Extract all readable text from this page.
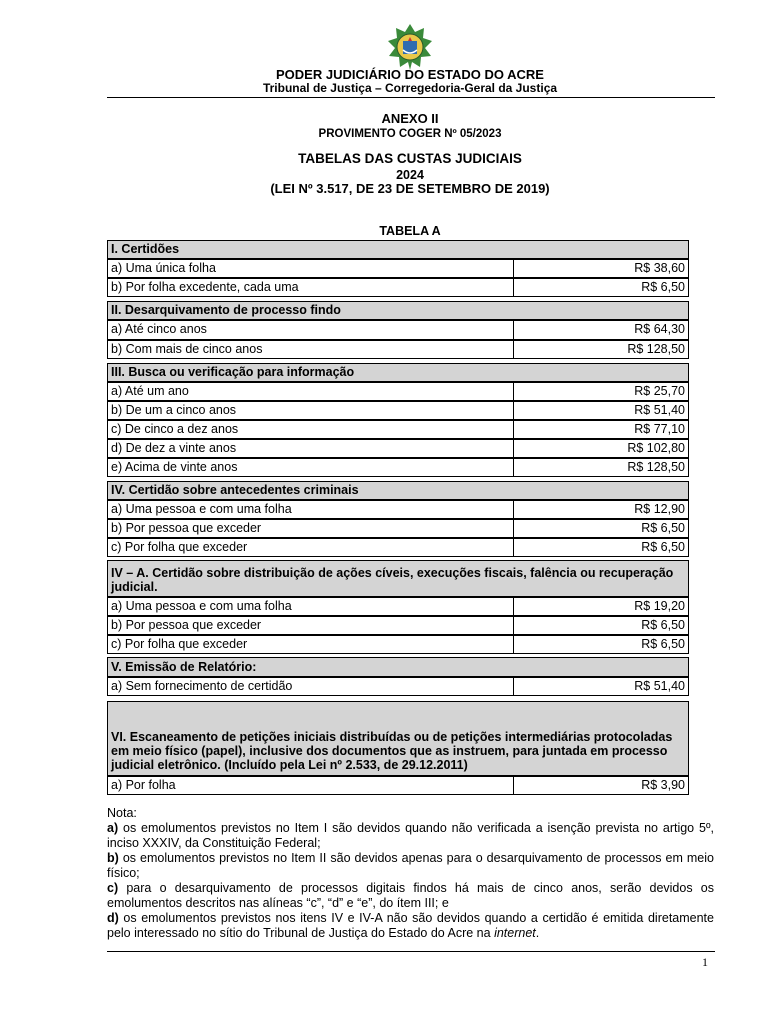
PODER JUDICIÁRIO DO ESTADO DO ACRE
Tribunal de Justiça – Corregedoria-Geral da Justiça
ANEXO II
PROVIMENTO COGER Nº 05/2023
TABELAS DAS CUSTAS JUDICIAIS
2024
(LEI Nº 3.517, DE 23 DE SETEMBRO DE 2019)
TABELA A
I. Certidões
a) Uma única folha	R$ 38,60
b) Por folha excedente, cada uma	R$ 6,50
II. Desarquivamento de processo findo
a) Até cinco anos	R$ 64,30
b) Com mais de cinco anos	R$ 128,50
III. Busca ou verificação para informação
a) Até um ano	R$ 25,70
b) De um a cinco anos	R$ 51,40
c) De cinco a dez anos	R$ 77,10
d) De dez a vinte anos	R$ 102,80
e) Acima de vinte anos	R$ 128,50
IV. Certidão sobre antecedentes criminais
a) Uma pessoa e com uma folha	R$ 12,90
b) Por pessoa que exceder	R$ 6,50
c) Por folha que exceder	R$ 6,50
IV – A. Certidão sobre distribuição de ações cíveis, execuções fiscais, falência ou recuperação judicial.
a) Uma pessoa e com uma folha	R$ 19,20
b) Por pessoa que exceder	R$ 6,50
c) Por folha que exceder	R$ 6,50
V. Emissão de Relatório:
a) Sem fornecimento de certidão	R$ 51,40
VI. Escaneamento de petições iniciais distribuídas ou de petições intermediárias protocoladas em meio físico (papel), inclusive dos documentos que as instruem, para juntada em processo judicial eletrônico. (Incluído pela Lei nº 2.533, de 29.12.2011)
a) Por folha	R$ 3,90
Nota:
a) os emolumentos previstos no Item I são devidos quando não verificada a isenção prevista no artigo 5º, inciso XXXIV, da Constituição Federal;
b) os emolumentos previstos no Item II são devidos apenas para o desarquivamento de processos em meio físico;
c) para o desarquivamento de processos digitais findos há mais de cinco anos, serão devidos os emolumentos descritos nas alíneas “c”, “d” e “e”, do ítem III; e
d) os emolumentos previstos nos itens IV e IV-A não são devidos quando a certidão é emitida diretamente pelo interessado no sítio do Tribunal de Justiça do Estado do Acre na internet.
1
